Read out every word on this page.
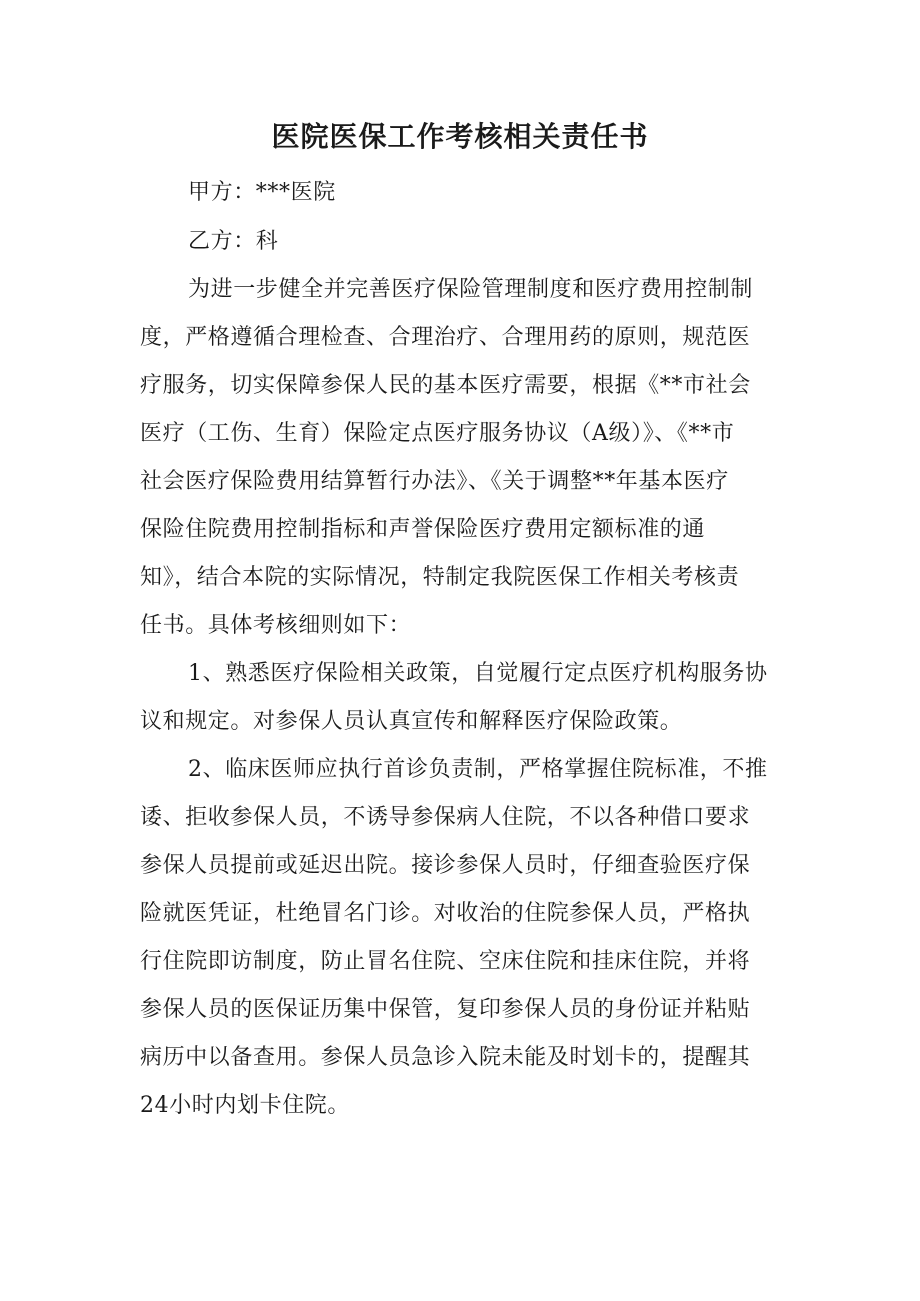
医院医保工作考核相关责任书
甲方：***医院
乙方：科
为进一步健全并完善医疗保险管理制度和医疗费用控制制
度，严格遵循合理检查、合理治疗、合理用药的原则，规范医
疗服务，切实保障参保人民的基本医疗需要，根据《**市社会
医疗（工伤、生育）保险定点医疗服务协议（A级）》、《**市
社会医疗保险费用结算暂行办法》、《关于调整**年基本医疗
保险住院费用控制指标和声誉保险医疗费用定额标准的通
知》，结合本院的实际情况，特制定我院医保工作相关考核责
任书。具体考核细则如下：
1、熟悉医疗保险相关政策，自觉履行定点医疗机构服务协
议和规定。对参保人员认真宣传和解释医疗保险政策。
2、临床医师应执行首诊负责制，严格掌握住院标准，不推
诿、拒收参保人员，不诱导参保病人住院，不以各种借口要求
参保人员提前或延迟出院。接诊参保人员时，仔细查验医疗保
险就医凭证，杜绝冒名门诊。对收治的住院参保人员，严格执
行住院即访制度，防止冒名住院、空床住院和挂床住院，并将
参保人员的医保证历集中保管，复印参保人员的身份证并粘贴
病历中以备查用。参保人员急诊入院未能及时划卡的，提醒其
24小时内划卡住院。
